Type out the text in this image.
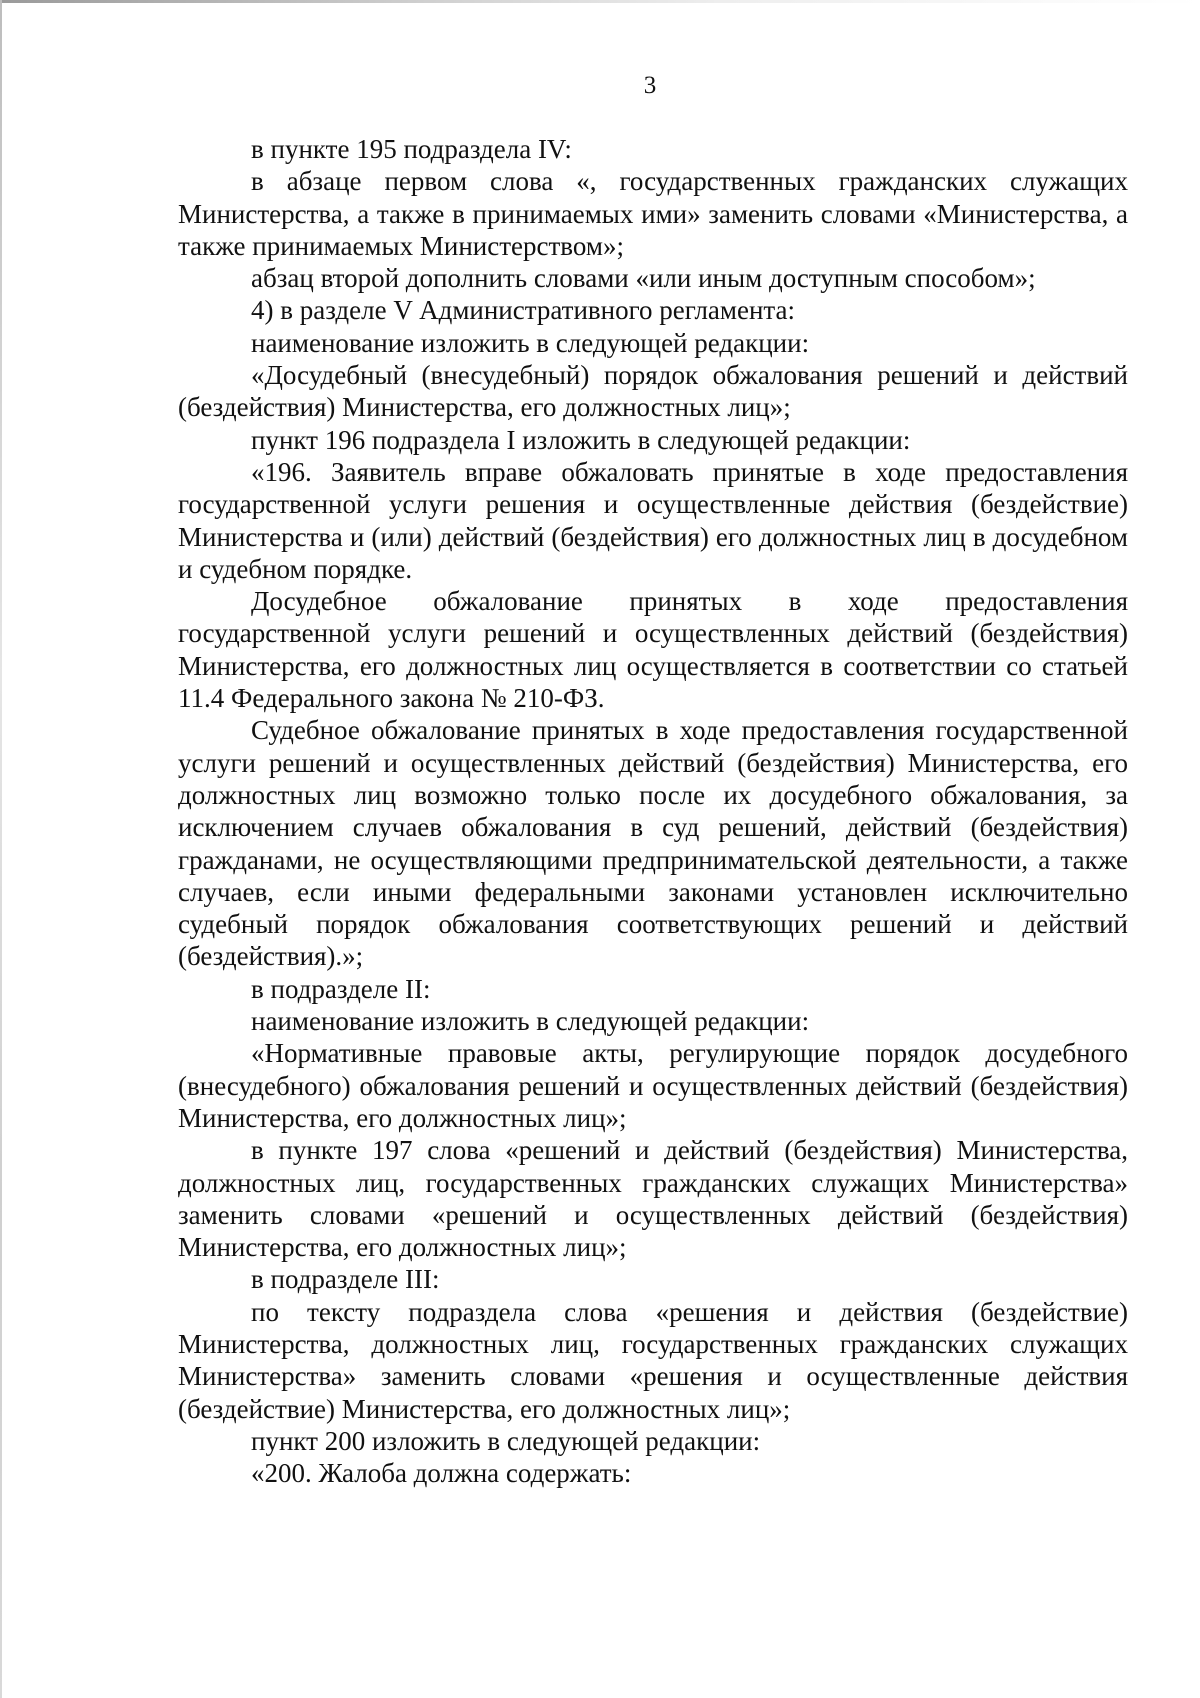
3

в пункте 195 подраздела IV:

в абзаце первом слова «, государственных гражданских служащих Министерства, а также в принимаемых ими» заменить словами «Министерства, а также принимаемых Министерством»;

абзац второй дополнить словами «или иным доступным способом»;

4) в разделе V Административного регламента:

наименование изложить в следующей редакции:

«Досудебный (внесудебный) порядок обжалования решений и действий (бездействия) Министерства, его должностных лиц»;

пункт 196 подраздела I изложить в следующей редакции:

«196. Заявитель вправе обжаловать принятые в ходе предоставления государственной услуги решения и осуществленные действия (бездействие) Министерства и (или) действий (бездействия) его должностных лиц в досудебном и судебном порядке.

Досудебное обжалование принятых в ходе предоставления государственной услуги решений и осуществленных действий (бездействия) Министерства, его должностных лиц осуществляется в соответствии со статьей 11.4 Федерального закона № 210-ФЗ.

Судебное обжалование принятых в ходе предоставления государственной услуги решений и осуществленных действий (бездействия) Министерства, его должностных лиц возможно только после их досудебного обжалования, за исключением случаев обжалования в суд решений, действий (бездействия) гражданами, не осуществляющими предпринимательской деятельности, а также случаев, если иными федеральными законами установлен исключительно судебный порядок обжалования соответствующих решений и действий (бездействия).»;

в подразделе II:

наименование изложить в следующей редакции:

«Нормативные правовые акты, регулирующие порядок досудебного (внесудебного) обжалования решений и осуществленных действий (бездействия) Министерства, его должностных лиц»;

в пункте 197 слова «решений и действий (бездействия) Министерства, должностных лиц, государственных гражданских служащих Министерства» заменить словами «решений и осуществленных действий (бездействия) Министерства, его должностных лиц»;

в подразделе III:

по тексту подраздела слова «решения и действия (бездействие) Министерства, должностных лиц, государственных гражданских служащих Министерства» заменить словами «решения и осуществленные действия (бездействие) Министерства, его должностных лиц»;

пункт 200 изложить в следующей редакции:

«200. Жалоба должна содержать:
